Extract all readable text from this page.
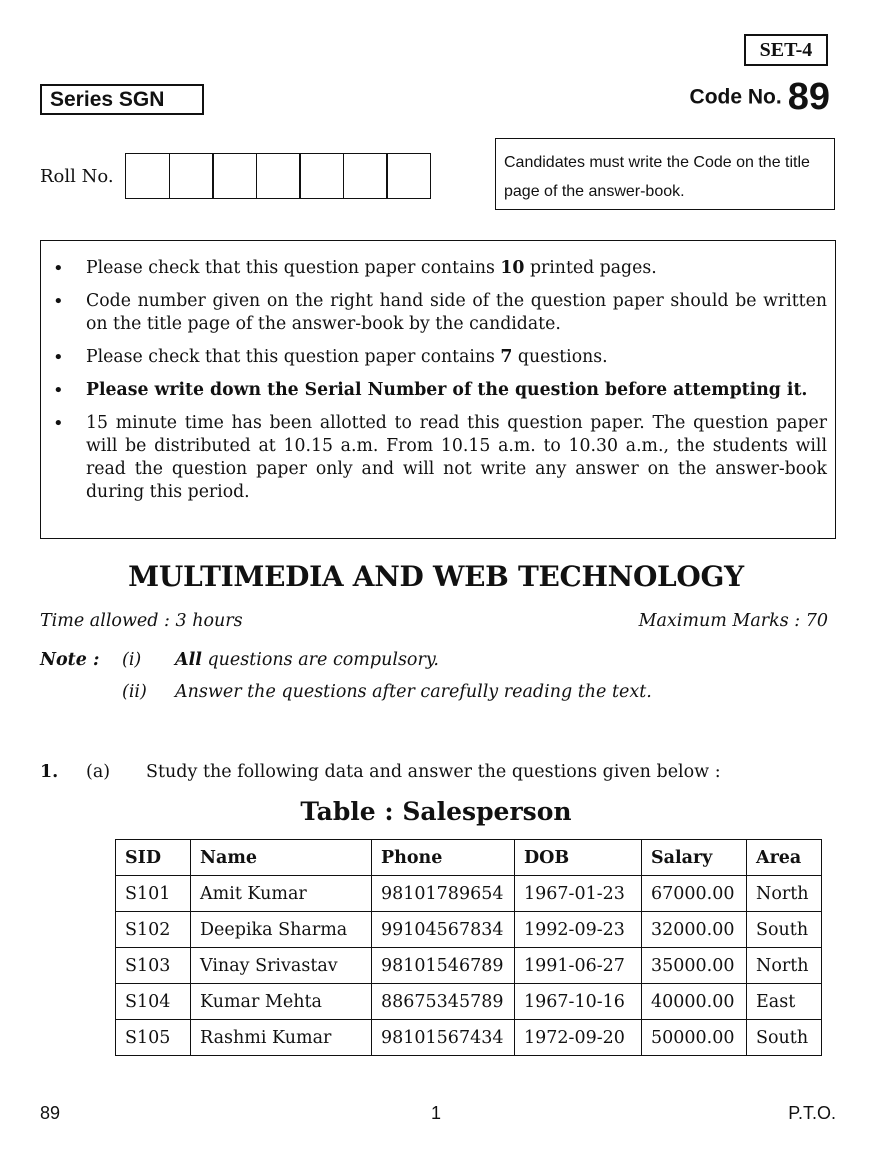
SET-4
Series SGN	Code No. 89
Roll No.
Candidates must write the Code on the title page of the answer-book.
•	Please check that this question paper contains 10 printed pages.
•	Code number given on the right hand side of the question paper should be written on the title page of the answer-book by the candidate.
•	Please check that this question paper contains 7 questions.
•	Please write down the Serial Number of the question before attempting it.
•	15 minute time has been allotted to read this question paper. The question paper will be distributed at 10.15 a.m. From 10.15 a.m. to 10.30 a.m., the students will read the question paper only and will not write any answer on the answer-book during this period.
MULTIMEDIA AND WEB TECHNOLOGY
Time allowed : 3 hours	Maximum Marks : 70
Note : (i) All questions are compulsory.
(ii) Answer the questions after carefully reading the text.
1. (a) Study the following data and answer the questions given below :
Table : Salesperson
SID	Name	Phone	DOB	Salary	Area
S101	Amit Kumar	98101789654	1967-01-23	67000.00	North
S102	Deepika Sharma	99104567834	1992-09-23	32000.00	South
S103	Vinay Srivastav	98101546789	1991-06-27	35000.00	North
S104	Kumar Mehta	88675345789	1967-10-16	40000.00	East
S105	Rashmi Kumar	98101567434	1972-09-20	50000.00	South
89	1	P.T.O.
